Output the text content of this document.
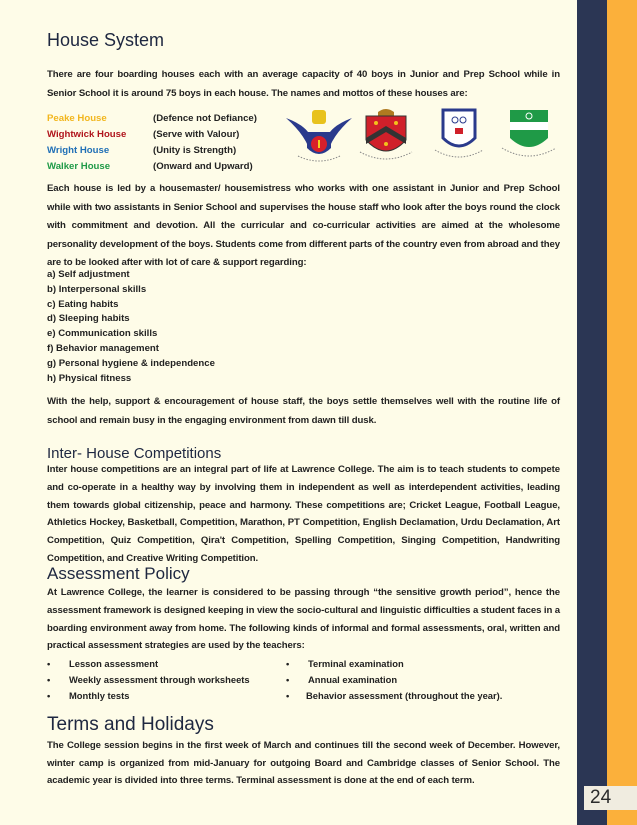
24
House System

There are four boarding houses each with an average capacity of 40 boys in Junior and Prep School while in Senior School it is around 75 boys in each house. The names and mottos of these houses are:

Peake House	(Defence not Defiance)
Wightwick House	(Serve with Valour)
Wright House	(Unity is Strength)
Walker House	(Onward and Upward)

Each house is led by a housemaster/ housemistress who works with one assistant in Junior and Prep School while with two assistants in Senior School and supervises the house staff who look after the boys round the clock with commitment and devotion. All the curricular and co-curricular activities are aimed at the wholesome personality development of the boys. Students come from different parts of the country even from abroad and they are to be looked after with lot of care & support regarding:

a) Self adjustment
b) Interpersonal skills
c) Eating habits
d) Sleeping habits
e) Communication skills
f) Behavior management
g) Personal hygiene & independence
h) Physical fitness

With the help, support & encouragement of house staff, the boys settle themselves well with the routine life of school and remain busy in the engaging environment from dawn till dusk.

Inter- House Competitions

Inter house competitions are an integral part of life at Lawrence College. The aim is to teach students to compete and co-operate in a healthy way by involving them in independent as well as interdependent activities, leading them towards global citizenship, peace and harmony. These competitions are; Cricket League, Football League, Athletics Hockey, Basketball, Competition, Marathon, PT Competition, English Declamation, Urdu Declamation, Art Competition, Quiz Competition, Qira't Competition, Spelling Competition, Singing Competition, Handwriting Competition, and Creative Writing Competition.

Assessment Policy

At Lawrence College, the learner is considered to be passing through “the sensitive growth period”, hence the assessment framework is designed keeping in view the socio-cultural and linguistic difficulties a student faces in a boarding environment away from home. The following kinds of informal and formal assessments, oral, written and practical assessment strategies are used by the teachers:

•	Lesson assessment
•	Weekly assessment through worksheets
•	Monthly tests
•	Terminal examination
•	Annual examination
•	Behavior assessment (throughout the year).
Terms and Holidays

The College session begins in the first week of March and continues till the second week of December. However, winter camp is organized from mid-January for outgoing Board and Cambridge classes of Senior School. The academic year is divided into three terms. Terminal assessment is done at the end of each term.
